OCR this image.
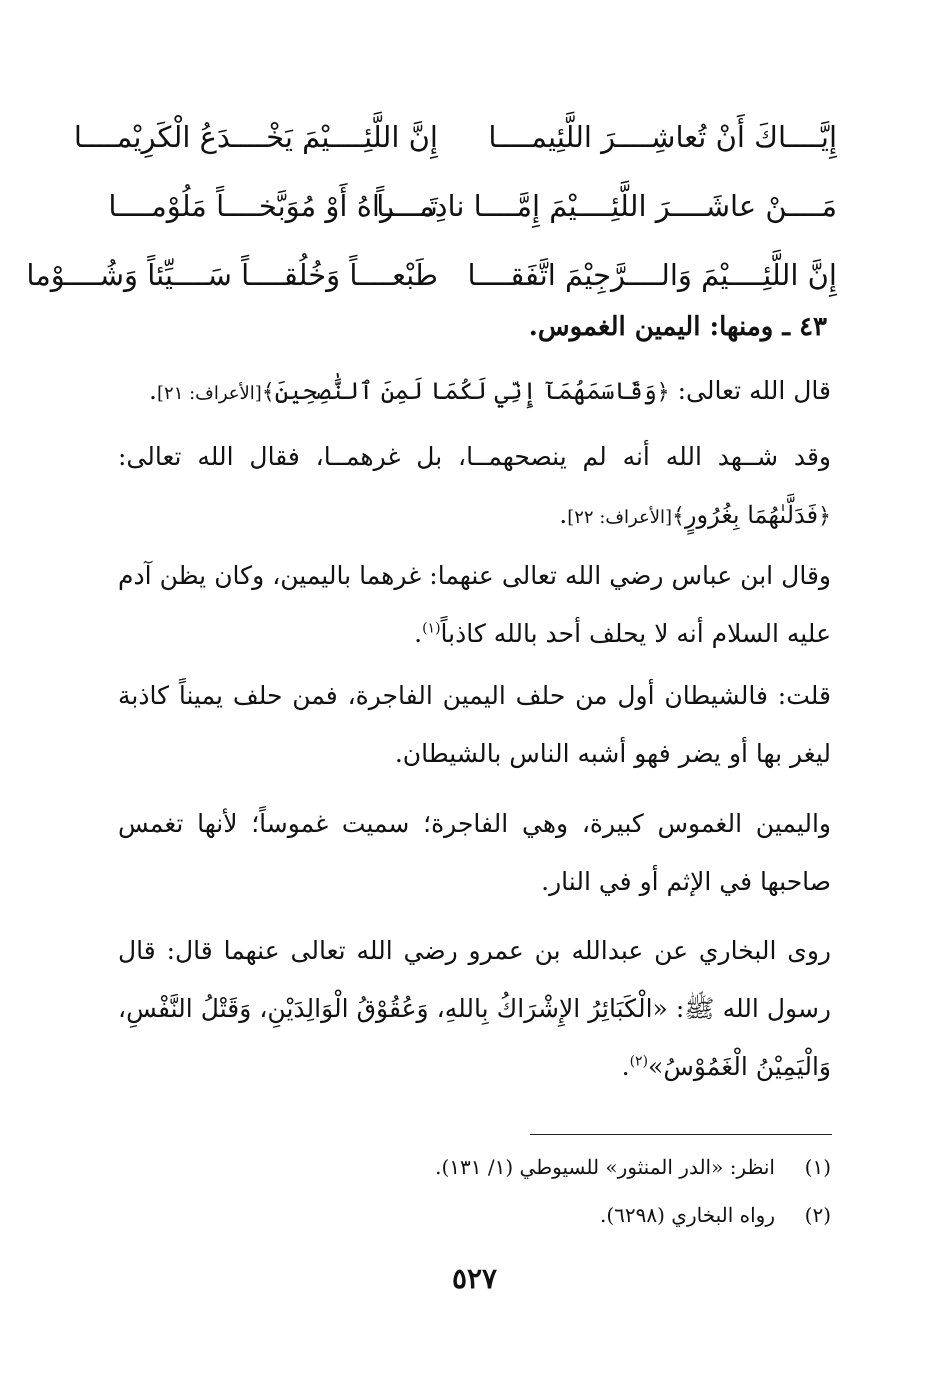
إِيَّــــاكَ أَنْ تُعاشِــــرَ اللَّئِيمــــا
إِنَّ اللَّئِــــيْمَ يَخْــــدَعُ الْكَرِيْمــــا
مَــــنْ عاشَــــرَ اللَّئِــــيْمَ إِمَّــــا نادِمــــاً
تَــــراهُ أَوْ مُوَبَّخــــاً مَلُوْمــــا
إِنَّ اللَّئِــــيْمَ وَالــــرَّجِيْمَ اتَّفَقــــا
طَبْعــــاً وَخُلُقــــاً سَــــيِّئاً وَشُــــوْما
٤٣ ـ ومنها: اليمين الغموس.
قال الله تعالى: ﴿وَقَاسَمَهُمَآ إِنِّي لَكُمَا لَمِنَ ٱلنَّٰصِحِينَ﴾[الأعراف: ٢١].
وقد شــهد الله أنه لم ينصحهمــا، بل غرهمــا، فقال الله تعالى: ﴿فَدَلَّىٰهُمَا بِغُرُورٍ﴾[الأعراف: ٢٢].
وقال ابن عباس رضي الله تعالى عنهما: غرهما باليمين، وكان يظن آدم عليه السلام أنه لا يحلف أحد بالله كاذباً$^{(١)}$.
قلت: فالشيطان أول من حلف اليمين الفاجرة، فمن حلف يميناً كاذبة ليغر بها أو يضر فهو أشبه الناس بالشيطان.
واليمين الغموس كبيرة، وهي الفاجرة؛ سميت غموساً؛ لأنها تغمس صاحبها في الإثم أو في النار.
روى البخاري عن عبدالله بن عمرو رضي الله تعالى عنهما قال: قال رسول الله ﷺ: «الْكَبَائِرُ الإِشْرَاكُ بِاللهِ، وَعُقُوْقُ الْوَالِدَيْنِ، وَقَتْلُ النَّفْسِ، وَالْيَمِيْنُ الْغَمُوْسُ»$^{(٢)}$.
(١)انظر: «الدر المنثور» للسيوطي (١/ ١٣١).
(٢)رواه البخاري (٦٢٩٨).
٥٢٧
